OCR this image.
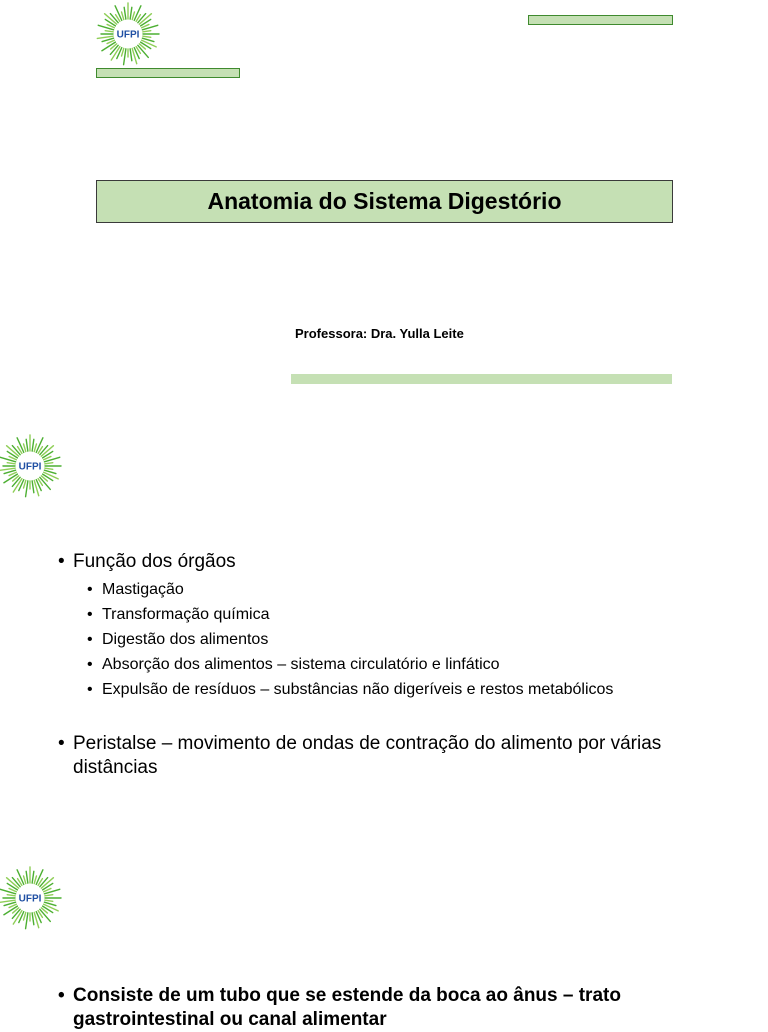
UFPI
Anatomia do Sistema Digestório
Professora: Dra. Yulla Leite
UFPI
• Função dos órgãos
• Mastigação
• Transformação química
• Digestão dos alimentos
• Absorção dos alimentos – sistema circulatório e linfático
• Expulsão de resíduos – substâncias não digeríveis e restos metabólicos
• Peristalse – movimento de ondas de contração do alimento por várias distâncias
UFPI
• Consiste de um tubo que se estende da boca ao ânus – trato gastrointestinal ou canal alimentar
